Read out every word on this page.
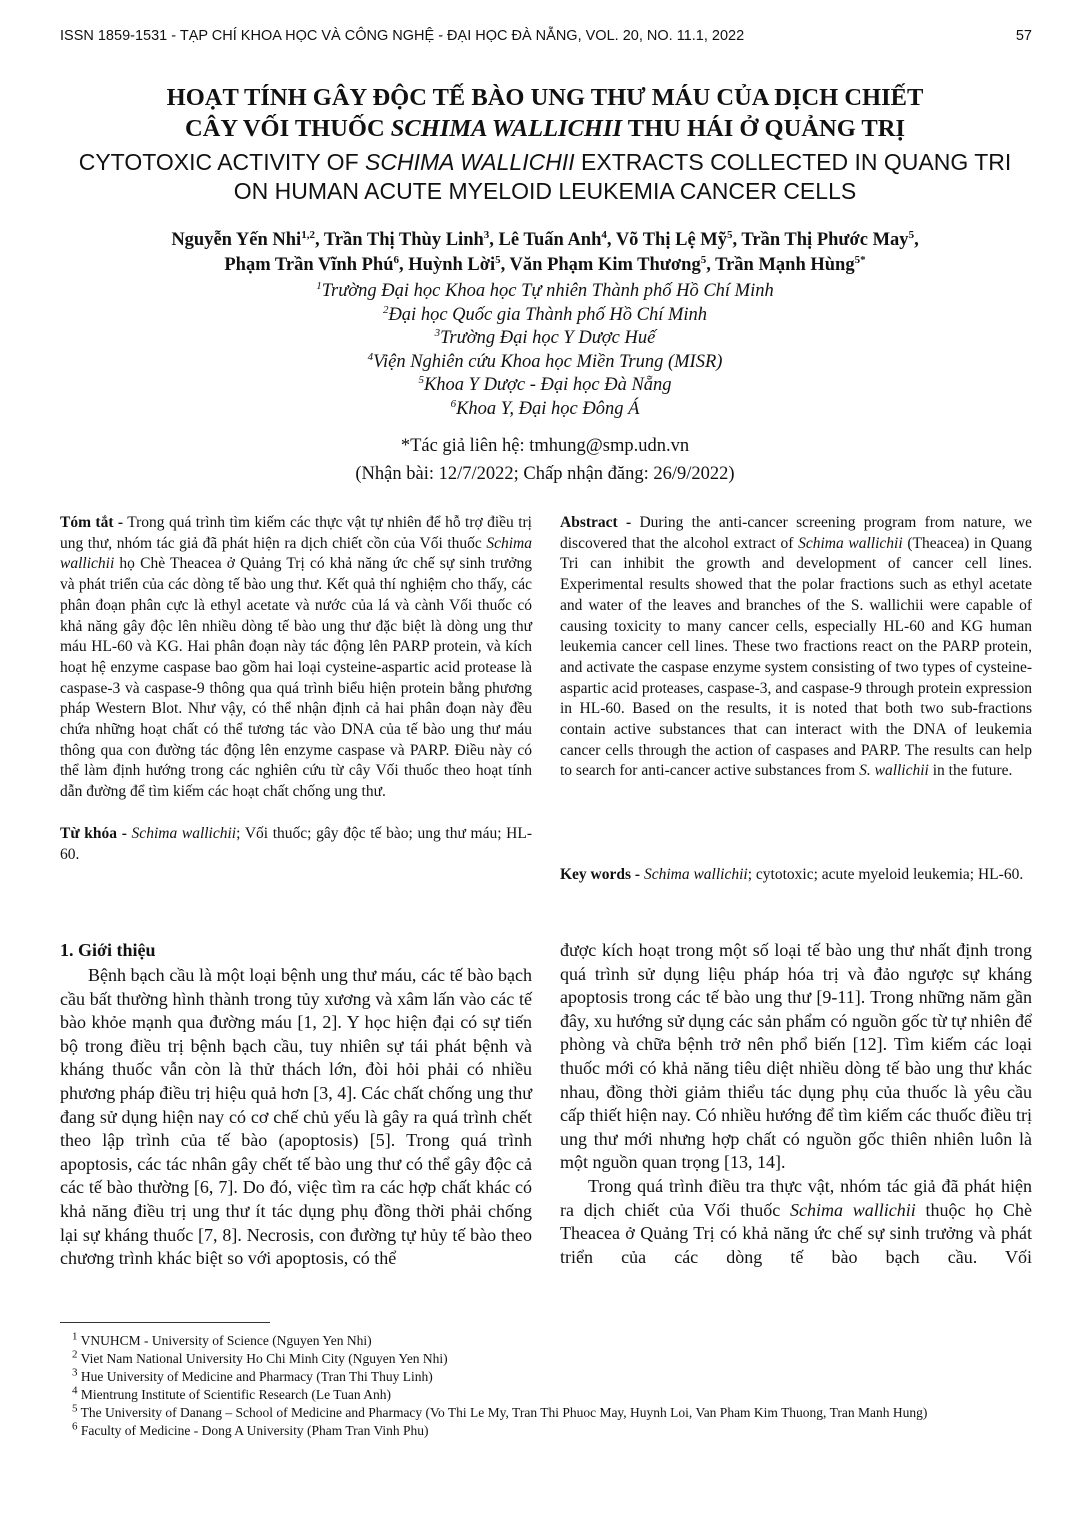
ISSN 1859-1531 - TẠP CHÍ KHOA HỌC VÀ CÔNG NGHỆ - ĐẠI HỌC ĐÀ NẴNG, VOL. 20, NO. 11.1, 2022	57
HOẠT TÍNH GÂY ĐỘC TẾ BÀO UNG THƯ MÁU CỦA DỊCH CHIẾT
CÂY VỐI THUỐC SCHIMA WALLICHII THU HÁI Ở QUẢNG TRỊ
CYTOTOXIC ACTIVITY OF SCHIMA WALLICHII EXTRACTS COLLECTED IN QUANG TRI
ON HUMAN ACUTE MYELOID LEUKEMIA CANCER CELLS
Nguyễn Yến Nhi$^{1,2}$, Trần Thị Thùy Linh$^3$, Lê Tuấn Anh$^4$, Võ Thị Lệ Mỹ$^5$, Trần Thị Phước May$^5$,
Phạm Trần Vĩnh Phú$^6$, Huỳnh Lời$^5$, Văn Phạm Kim Thương$^5$, Trần Mạnh Hùng$^{5*}$
$^1$Trường Đại học Khoa học Tự nhiên Thành phố Hồ Chí Minh
$^2$Đại học Quốc gia Thành phố Hồ Chí Minh
$^3$Trường Đại học Y Dược Huế
$^4$Viện Nghiên cứu Khoa học Miền Trung (MISR)
$^5$Khoa Y Dược - Đại học Đà Nẵng
$^6$Khoa Y, Đại học Đông Á
*Tác giả liên hệ: tmhung@smp.udn.vn
(Nhận bài: 12/7/2022; Chấp nhận đăng: 26/9/2022)

Tóm tắt - Trong quá trình tìm kiếm các thực vật tự nhiên để hỗ trợ điều trị ung thư, nhóm tác giả đã phát hiện ra dịch chiết cồn của Vối thuốc Schima wallichii họ Chè Theacea ở Quảng Trị có khả năng ức chế sự sinh trưởng và phát triển của các dòng tế bào ung thư. Kết quả thí nghiệm cho thấy, các phân đoạn phân cực là ethyl acetate và nước của lá và cành Vối thuốc có khả năng gây độc lên nhiều dòng tế bào ung thư đặc biệt là dòng ung thư máu HL-60 và KG. Hai phân đoạn này tác động lên PARP protein, và kích hoạt hệ enzyme caspase bao gồm hai loại cysteine-aspartic acid protease là caspase-3 và caspase-9 thông qua quá trình biểu hiện protein bằng phương pháp Western Blot. Như vậy, có thể nhận định cả hai phân đoạn này đều chứa những hoạt chất có thể tương tác vào DNA của tế bào ung thư máu thông qua con đường tác động lên enzyme caspase và PARP. Điều này có thể làm định hướng trong các nghiên cứu từ cây Vối thuốc theo hoạt tính dẫn đường để tìm kiếm các hoạt chất chống ung thư.

Từ khóa - Schima wallichii; Vối thuốc; gây độc tế bào; ung thư máu; HL-60.

Abstract - During the anti-cancer screening program from nature, we discovered that the alcohol extract of Schima wallichii (Theacea) in Quang Tri can inhibit the growth and development of cancer cell lines. Experimental results showed that the polar fractions such as ethyl acetate and water of the leaves and branches of the S. wallichii were capable of causing toxicity to many cancer cells, especially HL-60 and KG human leukemia cancer cell lines. These two fractions react on the PARP protein, and activate the caspase enzyme system consisting of two types of cysteine-aspartic acid proteases, caspase-3, and caspase-9 through protein expression in HL-60. Based on the results, it is noted that both two sub-fractions contain active substances that can interact with the DNA of leukemia cancer cells through the action of caspases and PARP. The results can help to search for anti-cancer active substances from S. wallichii in the future.

Key words - Schima wallichii; cytotoxic; acute myeloid leukemia; HL-60.

1. Giới thiệu

Bệnh bạch cầu là một loại bệnh ung thư máu, các tế bào bạch cầu bất thường hình thành trong tủy xương và xâm lấn vào các tế bào khỏe mạnh qua đường máu [1, 2]. Y học hiện đại có sự tiến bộ trong điều trị bệnh bạch cầu, tuy nhiên sự tái phát bệnh và kháng thuốc vẫn còn là thử thách lớn, đòi hỏi phải có nhiều phương pháp điều trị hiệu quả hơn [3, 4]. Các chất chống ung thư đang sử dụng hiện nay có cơ chế chủ yếu là gây ra quá trình chết theo lập trình của tế bào (apoptosis) [5]. Trong quá trình apoptosis, các tác nhân gây chết tế bào ung thư có thể gây độc cả các tế bào thường [6, 7]. Do đó, việc tìm ra các hợp chất khác có khả năng điều trị ung thư ít tác dụng phụ đồng thời phải chống lại sự kháng thuốc [7, 8]. Necrosis, con đường tự hủy tế bào theo chương trình khác biệt so với apoptosis, có thể

được kích hoạt trong một số loại tế bào ung thư nhất định trong quá trình sử dụng liệu pháp hóa trị và đảo ngược sự kháng apoptosis trong các tế bào ung thư [9-11]. Trong những năm gần đây, xu hướng sử dụng các sản phẩm có nguồn gốc từ tự nhiên để phòng và chữa bệnh trở nên phổ biến [12]. Tìm kiếm các loại thuốc mới có khả năng tiêu diệt nhiều dòng tế bào ung thư khác nhau, đồng thời giảm thiểu tác dụng phụ của thuốc là yêu cầu cấp thiết hiện nay. Có nhiều hướng để tìm kiếm các thuốc điều trị ung thư mới nhưng hợp chất có nguồn gốc thiên nhiên luôn là một nguồn quan trọng [13, 14].

Trong quá trình điều tra thực vật, nhóm tác giả đã phát hiện ra dịch chiết của Vối thuốc Schima wallichii thuộc họ Chè Theacea ở Quảng Trị có khả năng ức chế sự sinh trưởng và phát triển của các dòng tế bào bạch cầu. Vối

$^1$ VNUHCM - University of Science (Nguyen Yen Nhi)
$^2$ Viet Nam National University Ho Chi Minh City (Nguyen Yen Nhi)
$^3$ Hue University of Medicine and Pharmacy (Tran Thi Thuy Linh)
$^4$ Mientrung Institute of Scientific Research (Le Tuan Anh)
$^5$ The University of Danang – School of Medicine and Pharmacy (Vo Thi Le My, Tran Thi Phuoc May, Huynh Loi, Van Pham Kim Thuong, Tran Manh Hung)
$^6$ Faculty of Medicine - Dong A University (Pham Tran Vinh Phu)
